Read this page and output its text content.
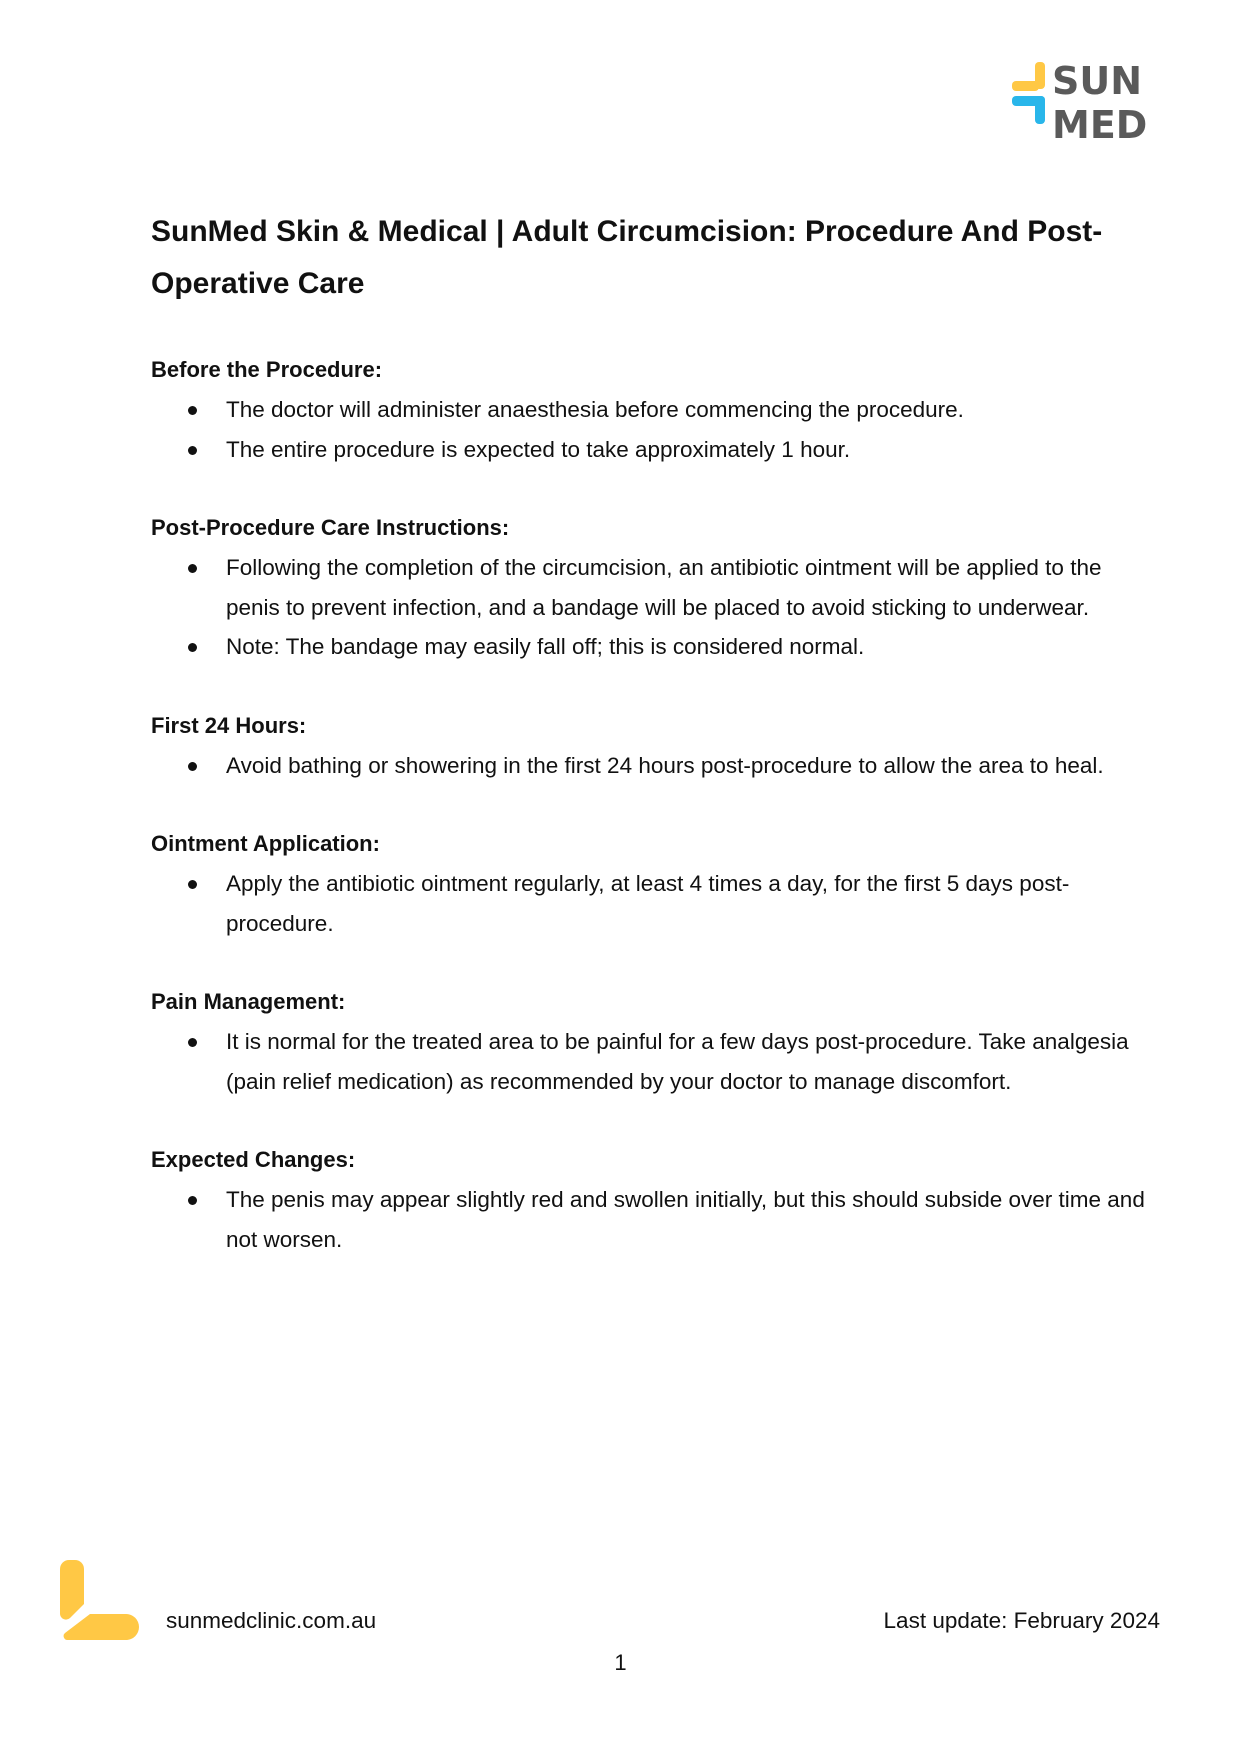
SUN
MED
SunMed Skin & Medical | Adult Circumcision: Procedure And Post-Operative Care
Before the Procedure:
The doctor will administer anaesthesia before commencing the procedure.
The entire procedure is expected to take approximately 1 hour.
Post-Procedure Care Instructions:
Following the completion of the circumcision, an antibiotic ointment will be applied to the penis to prevent infection, and a bandage will be placed to avoid sticking to underwear.
Note: The bandage may easily fall off; this is considered normal.
First 24 Hours:
Avoid bathing or showering in the first 24 hours post-procedure to allow the area to heal.
Ointment Application:
Apply the antibiotic ointment regularly, at least 4 times a day, for the first 5 days post-procedure.
Pain Management:
It is normal for the treated area to be painful for a few days post-procedure. Take analgesia (pain relief medication) as recommended by your doctor to manage discomfort.
Expected Changes:
The penis may appear slightly red and swollen initially, but this should subside over time and not worsen.
sunmedclinic.com.au	Last update: February 2024
1
